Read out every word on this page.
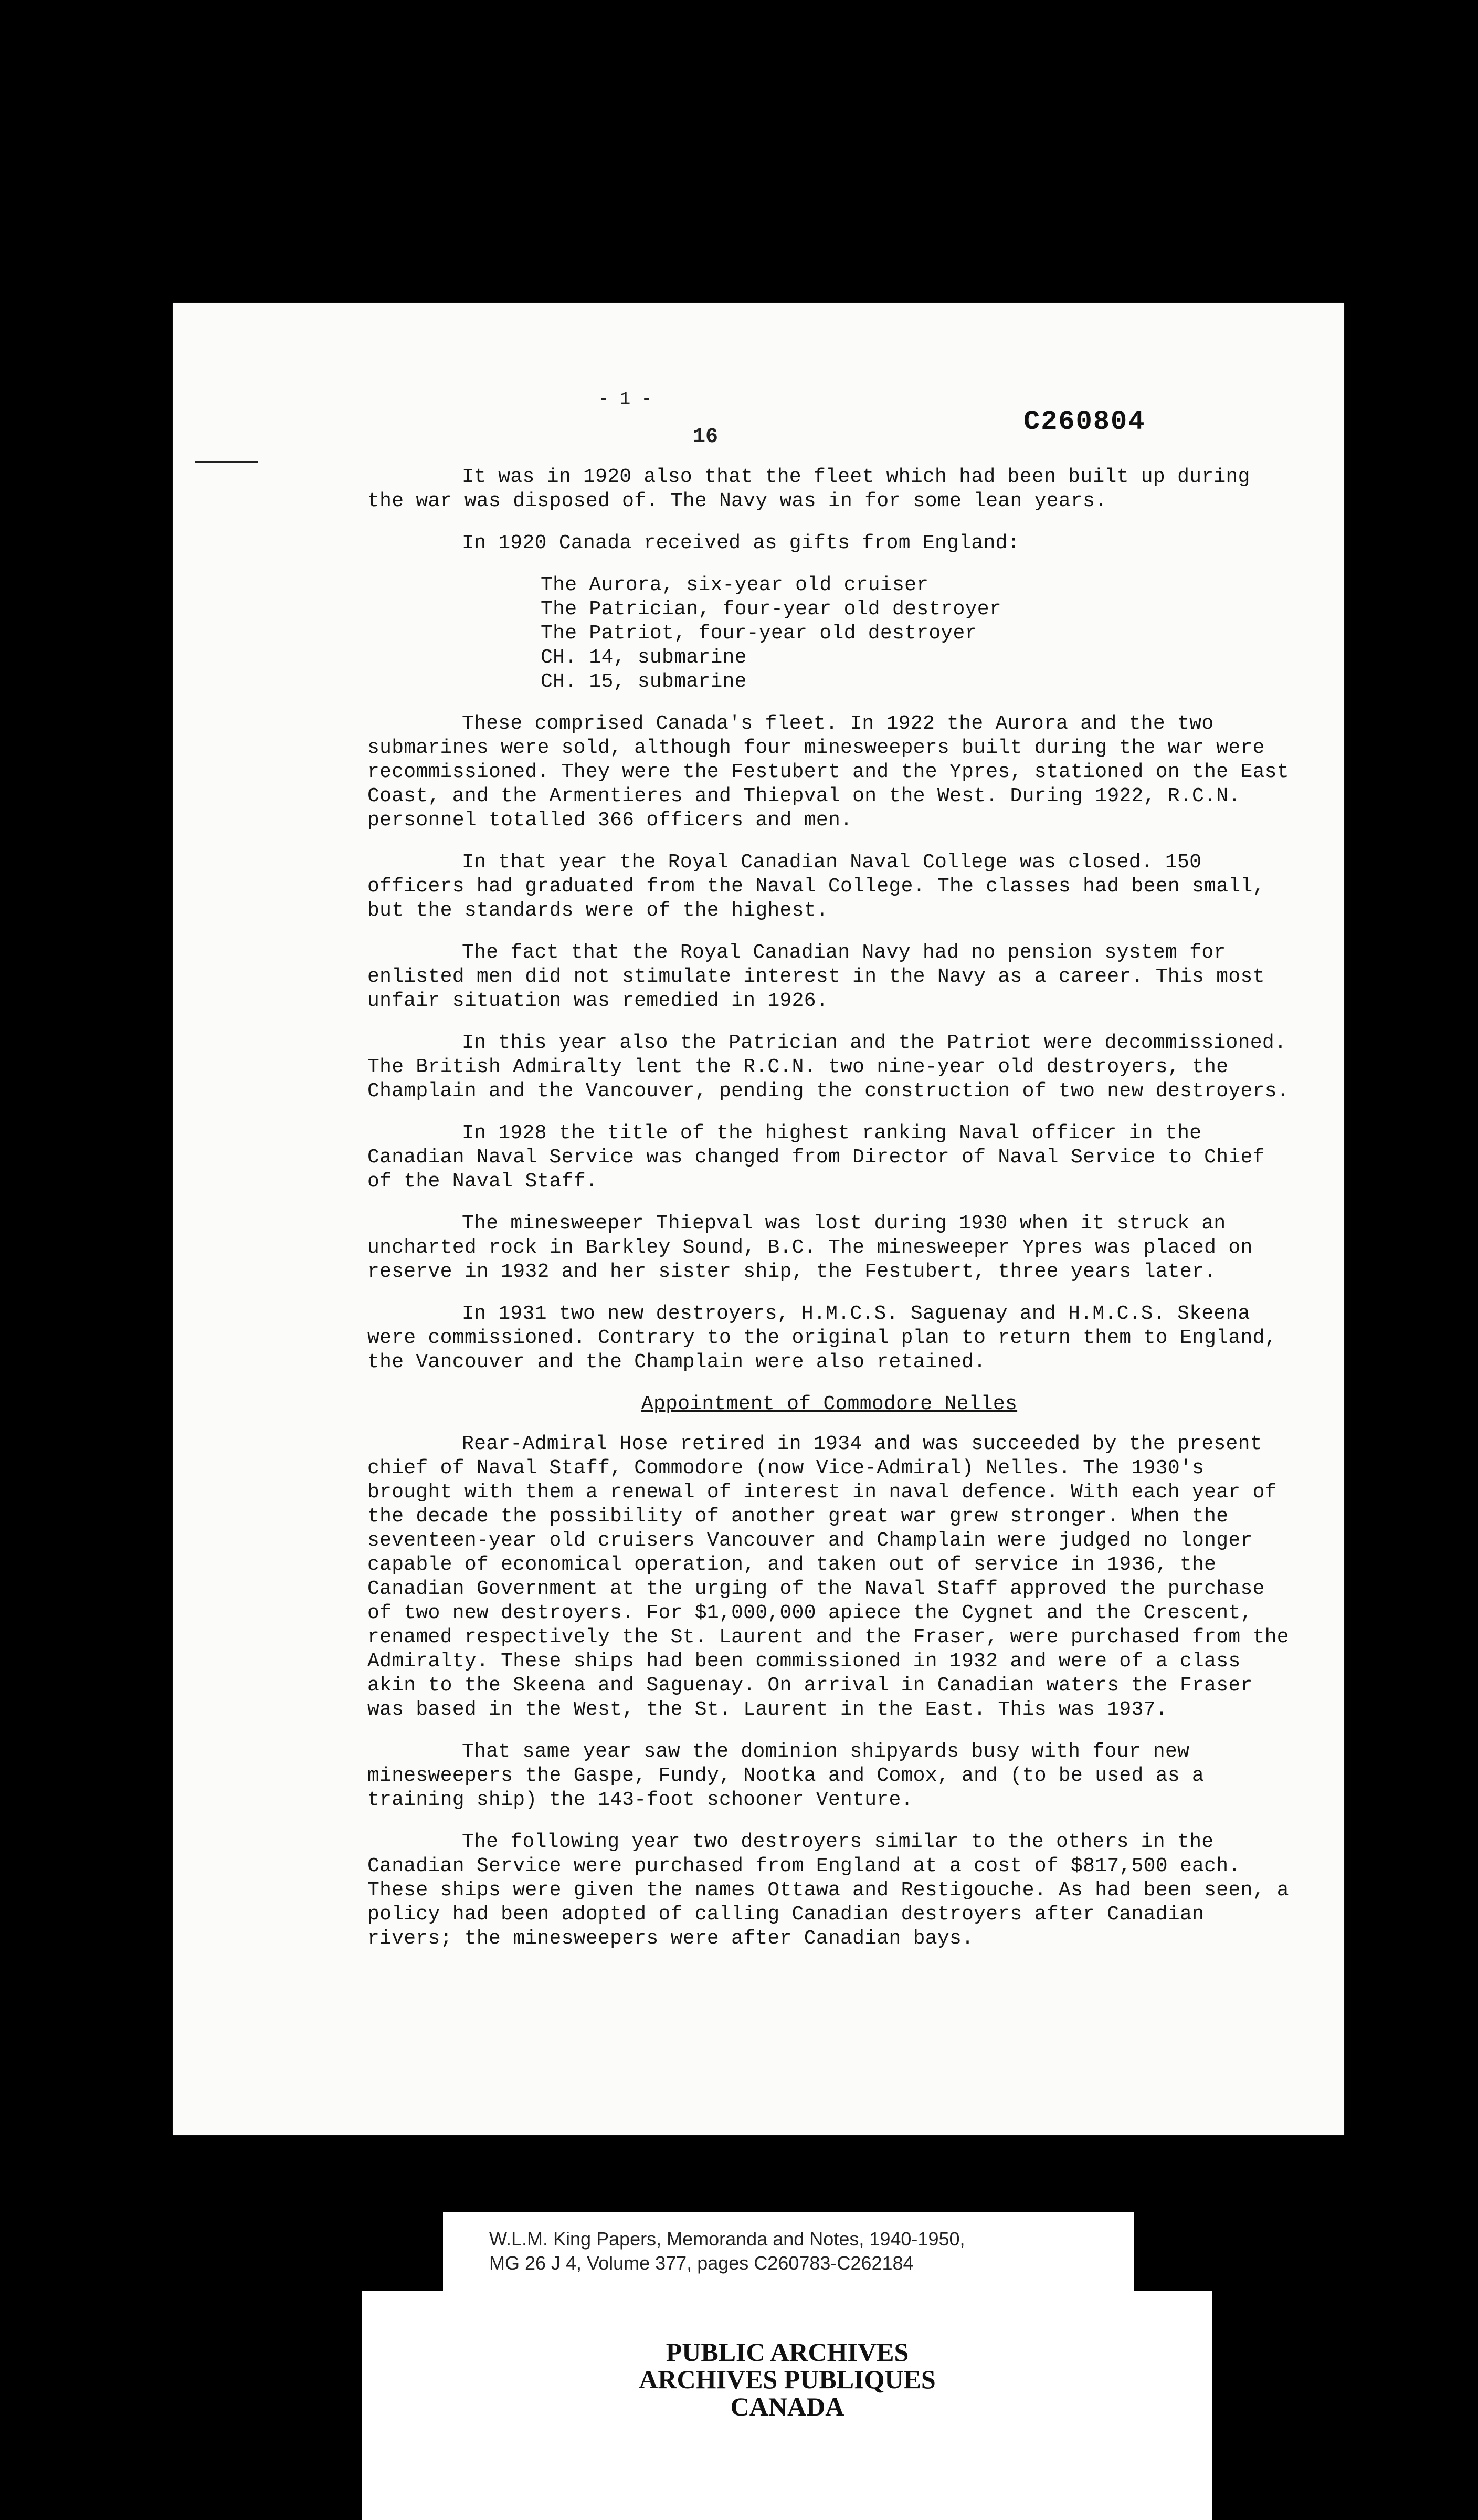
- 1 -
16	C260804

It was in 1920 also that the fleet which had been built up during the war was disposed of. The Navy was in for some lean years.

In 1920 Canada received as gifts from England:

The Aurora, six-year old cruiser
The Patrician, four-year old destroyer
The Patriot, four-year old destroyer
CH. 14, submarine
CH. 15, submarine

These comprised Canada's fleet. In 1922 the Aurora and the two submarines were sold, although four minesweepers built during the war were recommissioned. They were the Festubert and the Ypres, stationed on the East Coast, and the Armentieres and Thiepval on the West. During 1922, R.C.N. personnel totalled 366 officers and men.

In that year the Royal Canadian Naval College was closed. 150 officers had graduated from the Naval College. The classes had been small, but the standards were of the highest.

The fact that the Royal Canadian Navy had no pension system for enlisted men did not stimulate interest in the Navy as a career. This most unfair situation was remedied in 1926.

In this year also the Patrician and the Patriot were decommissioned. The British Admiralty lent the R.C.N. two nine-year old destroyers, the Champlain and the Vancouver, pending the construction of two new destroyers.

In 1928 the title of the highest ranking Naval officer in the Canadian Naval Service was changed from Director of Naval Service to Chief of the Naval Staff.

The minesweeper Thiepval was lost during 1930 when it struck an uncharted rock in Barkley Sound, B.C. The minesweeper Ypres was placed on reserve in 1932 and her sister ship, the Festubert, three years later.

In 1931 two new destroyers, H.M.C.S. Saguenay and H.M.C.S. Skeena were commissioned. Contrary to the original plan to return them to England, the Vancouver and the Champlain were also retained.

Appointment of Commodore Nelles

Rear-Admiral Hose retired in 1934 and was succeeded by the present chief of Naval Staff, Commodore (now Vice-Admiral) Nelles. The 1930's brought with them a renewal of interest in naval defence. With each year of the decade the possibility of another great war grew stronger. When the seventeen-year old cruisers Vancouver and Champlain were judged no longer capable of economical operation, and taken out of service in 1936, the Canadian Government at the urging of the Naval Staff approved the purchase of two new destroyers. For $1,000,000 apiece the Cygnet and the Crescent, renamed respectively the St. Laurent and the Fraser, were purchased from the Admiralty. These ships had been commissioned in 1932 and were of a class akin to the Skeena and Saguenay. On arrival in Canadian waters the Fraser was based in the West, the St. Laurent in the East. This was 1937.

That same year saw the dominion shipyards busy with four new minesweepers the Gaspe, Fundy, Nootka and Comox, and (to be used as a training ship) the 143-foot schooner Venture.

The following year two destroyers similar to the others in the Canadian Service were purchased from England at a cost of $817,500 each. These ships were given the names Ottawa and Restigouche. As had been seen, a policy had been adopted of calling Canadian destroyers after Canadian rivers; the minesweepers were after Canadian bays.

W.L.M. King Papers, Memoranda and Notes, 1940-1950,
MG 26 J 4, Volume 377, pages C260783-C262184
PUBLIC ARCHIVES
ARCHIVES PUBLIQUES
CANADA
